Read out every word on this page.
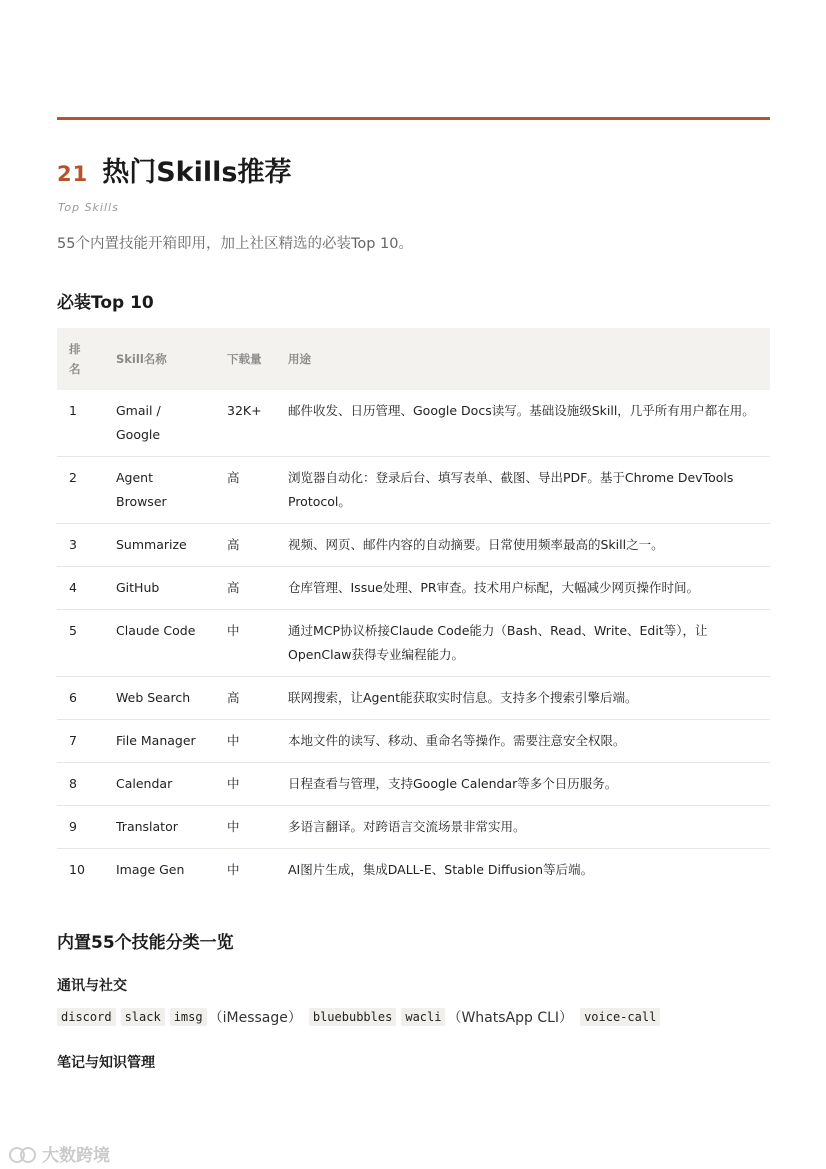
21 热门Skills推荐
Top Skills
55个内置技能开箱即用，加上社区精选的必装Top 10。
必装Top 10
排名	Skill名称	下载量	用途
1	Gmail / Google	32K+	邮件收发、日历管理、Google Docs读写。基础设施级Skill，几乎所有用户都在用。
2	Agent Browser	高	浏览器自动化：登录后台、填写表单、截图、导出PDF。基于Chrome DevTools Protocol。
3	Summarize	高	视频、网页、邮件内容的自动摘要。日常使用频率最高的Skill之一。
4	GitHub	高	仓库管理、Issue处理、PR审查。技术用户标配，大幅减少网页操作时间。
5	Claude Code	中	通过MCP协议桥接Claude Code能力（Bash、Read、Write、Edit等），让OpenClaw获得专业编程能力。
6	Web Search	高	联网搜索，让Agent能获取实时信息。支持多个搜索引擎后端。
7	File Manager	中	本地文件的读写、移动、重命名等操作。需要注意安全权限。
8	Calendar	中	日程查看与管理，支持Google Calendar等多个日历服务。
9	Translator	中	多语言翻译。对跨语言交流场景非常实用。
10	Image Gen	中	AI图片生成，集成DALL-E、Stable Diffusion等后端。
内置55个技能分类一览
通讯与社交
discord	slack	imsg （iMessage） bluebubbles	wacli （WhatsApp CLI） voice-call
笔记与知识管理
大数跨境
